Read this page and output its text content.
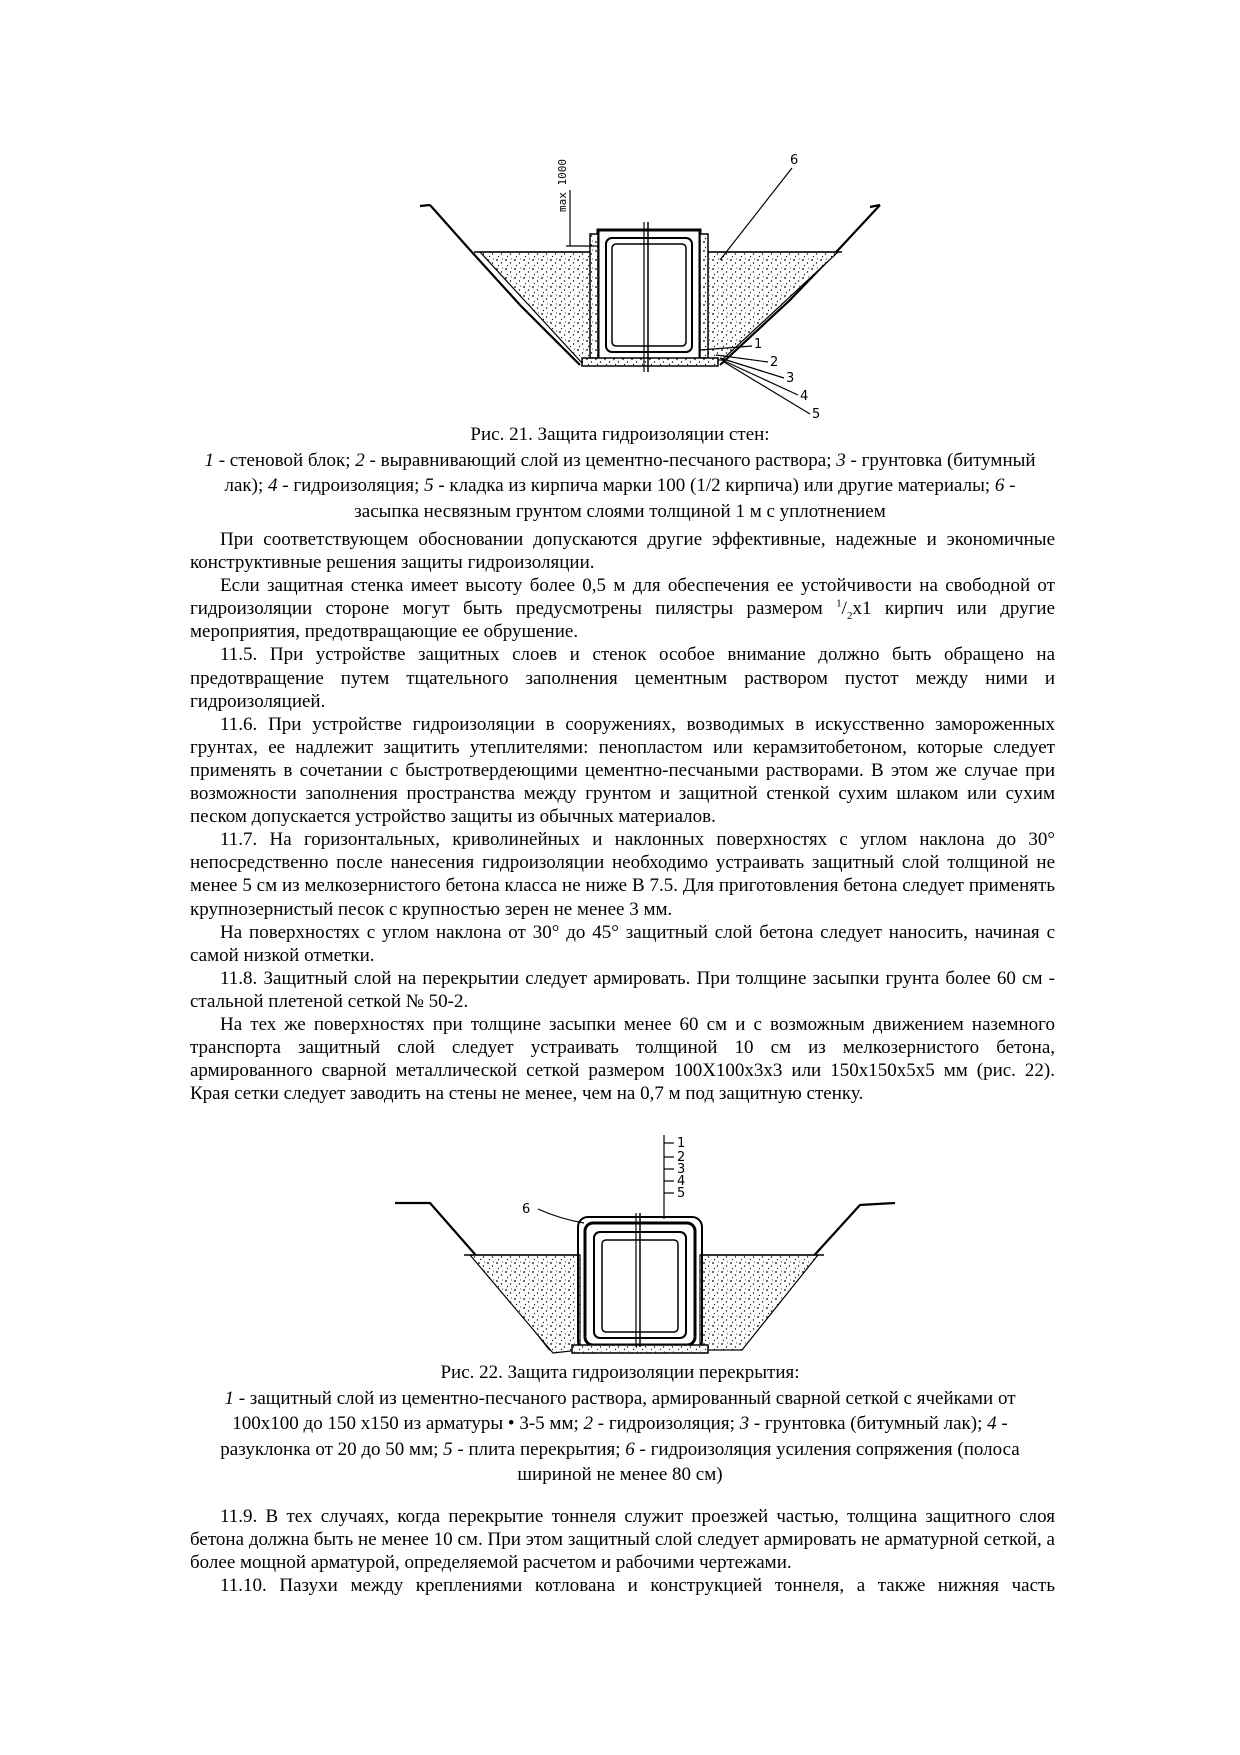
max 1000	6
1
2
3
4
5
Рис. 21. Защита гидроизоляции стен:
1 - стеновой блок; 2 - выравнивающий слой из цементно-песчаного раствора; 3 - грунтовка (битумный лак); 4 - гидроизоляция; 5 - кладка из кирпича марки 100 (1/2 кирпича) или другие материалы; 6 - засыпка несвязным грунтом слоями толщиной 1 м с уплотнением

При соответствующем обосновании допускаются другие эффективные, надежные и экономичные конструктивные решения защиты гидроизоляции.

Если защитная стенка имеет высоту более 0,5 м для обеспечения ее устойчивости на свободной от гидроизоляции стороне могут быть предусмотрены пилястры размером $^1/_2x1$ кирпич или другие мероприятия, предотвращающие ее обрушение.

11.5. При устройстве защитных слоев и стенок особое внимание должно быть обращено на предотвращение путем тщательного заполнения цементным раствором пустот между ними и гидроизоляцией.

11.6. При устройстве гидроизоляции в сооружениях, возводимых в искусственно замороженных грунтах, ее надлежит защитить утеплителями: пенопластом или керамзитобетоном, которые следует применять в сочетании с быстротвердеющими цементно-песчаными растворами. В этом же случае при возможности заполнения пространства между грунтом и защитной стенкой сухим шлаком или сухим песком допускается устройство защиты из обычных материалов.

11.7. На горизонтальных, криволинейных и наклонных поверхностях с углом наклона до 30° непосредственно после нанесения гидроизоляции необходимо устраивать защитный слой толщиной не менее 5 см из мелкозернистого бетона класса не ниже В 7.5. Для приготовления бетона следует применять крупнозернистый песок с крупностью зерен не менее 3 мм.

На поверхностях с углом наклона от 30° до 45° защитный слой бетона следует наносить, начиная с самой низкой отметки.

11.8. Защитный слой на перекрытии следует армировать. При толщине засыпки грунта более 60 см - стальной плетеной сеткой № 50-2.

На тех же поверхностях при толщине засыпки менее 60 см и с возможным движением наземного транспорта защитный слой следует устраивать толщиной 10 см из мелкозернистого бетона, армированного сварной металлической сеткой размером 100Х100х3х3 или 150х150х5х5 мм (рис. 22). Края сетки следует заводить на стены не менее, чем на 0,7 м под защитную стенку.

1
2
3
4
5
6
Рис. 22. Защита гидроизоляции перекрытия:
1 - защитный слой из цементно-песчаного раствора, армированный сварной сеткой с ячейками от 100х100 до 150 х150 из арматуры • 3-5 мм; 2 - гидроизоляция; 3 - грунтовка (битумный лак); 4 - разуклонка от 20 до 50 мм; 5 - плита перекрытия; 6 - гидроизоляция усиления сопряжения (полоса шириной не менее 80 см)

11.9. В тех случаях, когда перекрытие тоннеля служит проезжей частью, толщина защитного слоя бетона должна быть не менее 10 см. При этом защитный слой следует армировать не арматурной сеткой, а более мощной арматурой, определяемой расчетом и рабочими чертежами.

11.10. Пазухи между креплениями котлована и конструкцией тоннеля, а также нижняя часть
